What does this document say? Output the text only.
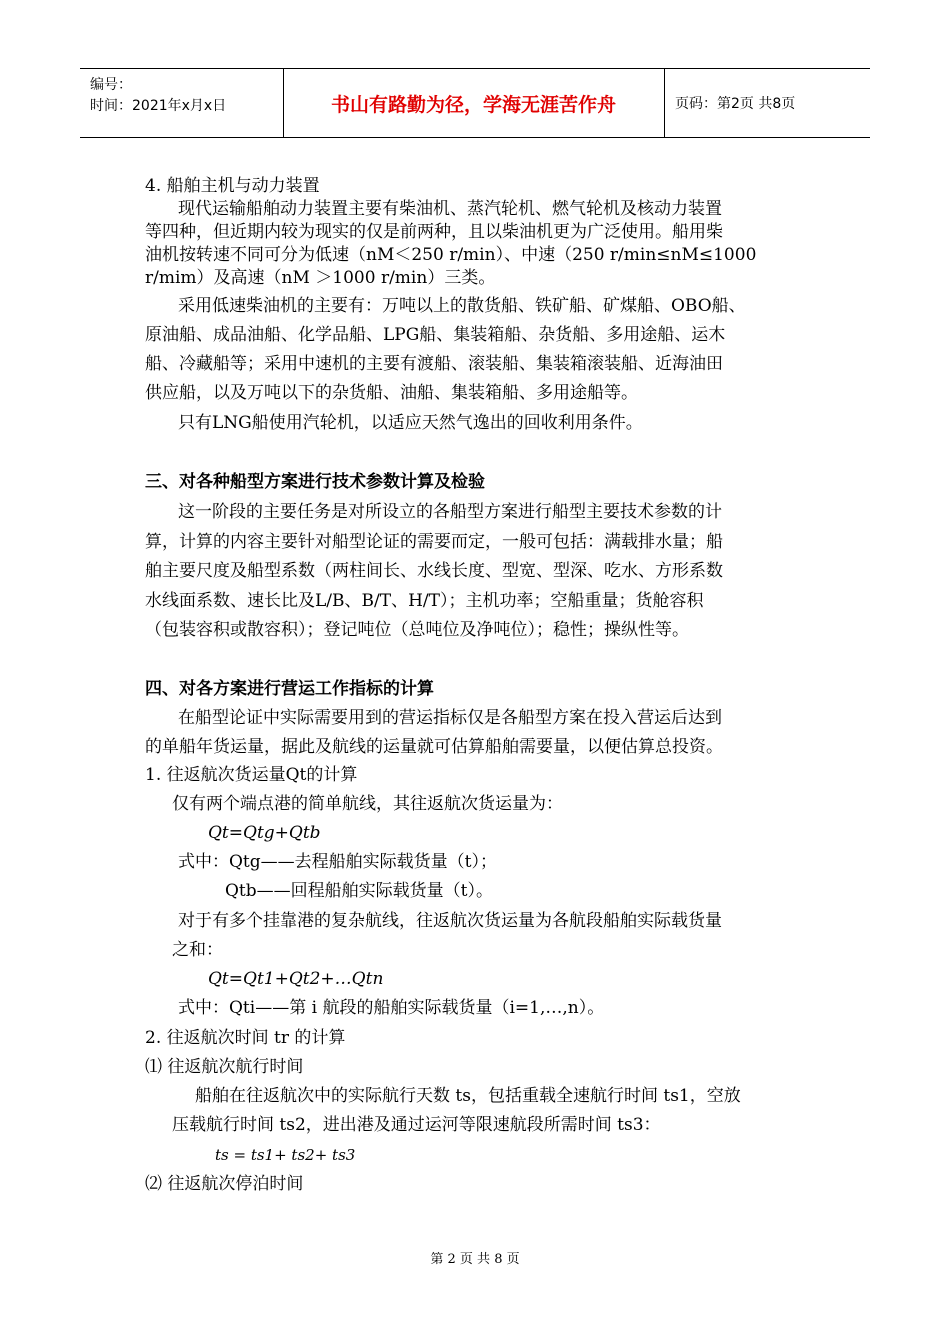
编号：
时间：2021年x月x日	书山有路勤为径，学海无涯苦作舟	页码：第2页 共8页
4. 船舶主机与动力装置
现代运输船舶动力装置主要有柴油机、蒸汽轮机、燃气轮机及核动力装置
等四种，但近期内较为现实的仅是前两种，且以柴油机更为广泛使用。船用柴
油机按转速不同可分为低速（nM＜250 r/min）、中速（250 r/min≤nM≤1000
r/mim）及高速（nM ＞1000 r/min）三类。
采用低速柴油机的主要有：万吨以上的散货船、铁矿船、矿煤船、OBO船、
原油船、成品油船、化学品船、LPG船、集装箱船、杂货船、多用途船、运木
船、冷藏船等；采用中速机的主要有渡船、滚装船、集装箱滚装船、近海油田
供应船，以及万吨以下的杂货船、油船、集装箱船、多用途船等。
只有LNG船使用汽轮机，以适应天然气逸出的回收利用条件。
三、对各种船型方案进行技术参数计算及检验
这一阶段的主要任务是对所设立的各船型方案进行船型主要技术参数的计
算，计算的内容主要针对船型论证的需要而定，一般可包括：满载排水量；船
舶主要尺度及船型系数（两柱间长、水线长度、型宽、型深、吃水、方形系数
水线面系数、速长比及L/B、B/T、H/T）；主机功率；空船重量；货舱容积
（包装容积或散容积）；登记吨位（总吨位及净吨位）；稳性；操纵性等。
四、对各方案进行营运工作指标的计算
在船型论证中实际需要用到的营运指标仅是各船型方案在投入营运后达到
的单船年货运量，据此及航线的运量就可估算船舶需要量，以便估算总投资。
1. 往返航次货运量Qt的计算
仅有两个端点港的简单航线，其往返航次货运量为：
Qt=Qtg+Qtb
式中：Qtg——去程船舶实际载货量（t）；
Qtb——回程船舶实际载货量（t）。
对于有多个挂靠港的复杂航线，往返航次货运量为各航段船舶实际载货量
之和：
Qt=Qt1+Qt2+…Qtn
式中：Qti——第 i 航段的船舶实际载货量（i=1,…,n）。
2. 往返航次时间 tr 的计算
⑴ 往返航次航行时间
船舶在往返航次中的实际航行天数 ts，包括重载全速航行时间 ts1，空放
压载航行时间 ts2，进出港及通过运河等限速航段所需时间 ts3：
ts = ts1+ ts2+ ts3
⑵ 往返航次停泊时间
第 2 页 共 8 页
